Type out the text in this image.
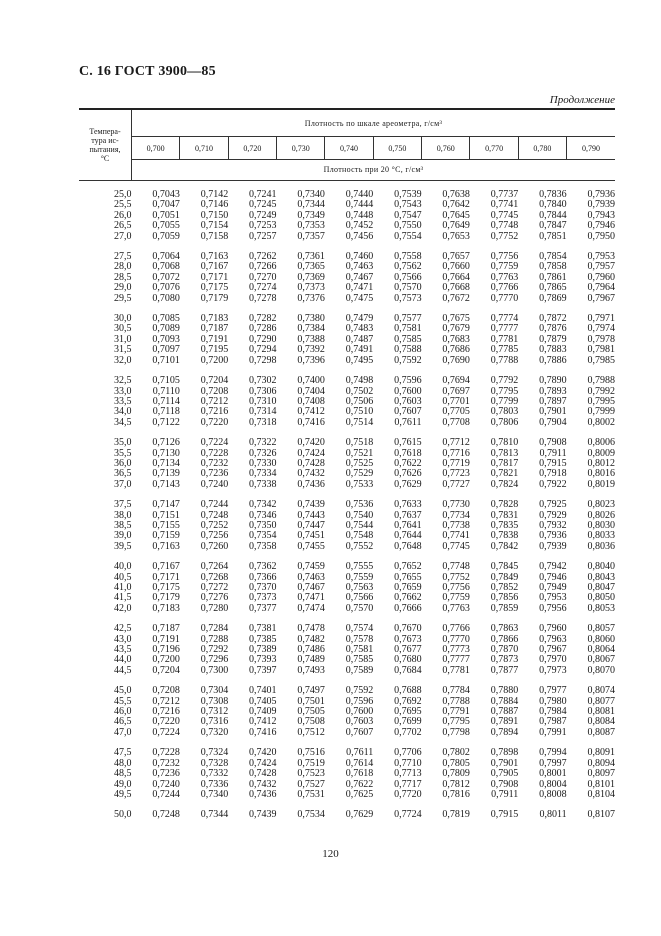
С. 16 ГОСТ 3900—85
Продолжение
Темпера-
тура ис-
пытания,
°С	Плотность по шкале ареометра, г/см³									
	0,700	0,710	0,720	0,730	0,740	0,750	0,760	0,770	0,780	0,790
	Плотность при 20 °С, г/см³									

25,0	0,7043	0,7142	0,7241	0,7340	0,7440	0,7539	0,7638	0,7737	0,7836	0,7936
25,5	0,7047	0,7146	0,7245	0,7344	0,7444	0,7543	0,7642	0,7741	0,7840	0,7939
26,0	0,7051	0,7150	0,7249	0,7349	0,7448	0,7547	0,7645	0,7745	0,7844	0,7943
26,5	0,7055	0,7154	0,7253	0,7353	0,7452	0,7550	0,7649	0,7748	0,7847	0,7946
27,0	0,7059	0,7158	0,7257	0,7357	0,7456	0,7554	0,7653	0,7752	0,7851	0,7950
27,5	0,7064	0,7163	0,7262	0,7361	0,7460	0,7558	0,7657	0,7756	0,7854	0,7953
28,0	0,7068	0,7167	0,7266	0,7365	0,7463	0,7562	0,7660	0,7759	0,7858	0,7957
28,5	0,7072	0,7171	0,7270	0,7369	0,7467	0,7566	0,7664	0,7763	0,7861	0,7960
29,0	0,7076	0,7175	0,7274	0,7373	0,7471	0,7570	0,7668	0,7766	0,7865	0,7964
29,5	0,7080	0,7179	0,7278	0,7376	0,7475	0,7573	0,7672	0,7770	0,7869	0,7967
30,0	0,7085	0,7183	0,7282	0,7380	0,7479	0,7577	0,7675	0,7774	0,7872	0,7971
30,5	0,7089	0,7187	0,7286	0,7384	0,7483	0,7581	0,7679	0,7777	0,7876	0,7974
31,0	0,7093	0,7191	0,7290	0,7388	0,7487	0,7585	0,7683	0,7781	0,7879	0,7978
31,5	0,7097	0,7195	0,7294	0,7392	0,7491	0,7588	0,7686	0,7785	0,7883	0,7981
32,0	0,7101	0,7200	0,7298	0,7396	0,7495	0,7592	0,7690	0,7788	0,7886	0,7985
32,5	0,7105	0,7204	0,7302	0,7400	0,7498	0,7596	0,7694	0,7792	0,7890	0,7988
33,0	0,7110	0,7208	0,7306	0,7404	0,7502	0,7600	0,7697	0,7795	0,7893	0,7992
33,5	0,7114	0,7212	0,7310	0,7408	0,7506	0,7603	0,7701	0,7799	0,7897	0,7995
34,0	0,7118	0,7216	0,7314	0,7412	0,7510	0,7607	0,7705	0,7803	0,7901	0,7999
34,5	0,7122	0,7220	0,7318	0,7416	0,7514	0,7611	0,7708	0,7806	0,7904	0,8002
35,0	0,7126	0,7224	0,7322	0,7420	0,7518	0,7615	0,7712	0,7810	0,7908	0,8006
35,5	0,7130	0,7228	0,7326	0,7424	0,7521	0,7618	0,7716	0,7813	0,7911	0,8009
36,0	0,7134	0,7232	0,7330	0,7428	0,7525	0,7622	0,7719	0,7817	0,7915	0,8012
36,5	0,7139	0,7236	0,7334	0,7432	0,7529	0,7626	0,7723	0,7821	0,7918	0,8016
37,0	0,7143	0,7240	0,7338	0,7436	0,7533	0,7629	0,7727	0,7824	0,7922	0,8019
37,5	0,7147	0,7244	0,7342	0,7439	0,7536	0,7633	0,7730	0,7828	0,7925	0,8023
38,0	0,7151	0,7248	0,7346	0,7443	0,7540	0,7637	0,7734	0,7831	0,7929	0,8026
38,5	0,7155	0,7252	0,7350	0,7447	0,7544	0,7641	0,7738	0,7835	0,7932	0,8030
39,0	0,7159	0,7256	0,7354	0,7451	0,7548	0,7644	0,7741	0,7838	0,7936	0,8033
39,5	0,7163	0,7260	0,7358	0,7455	0,7552	0,7648	0,7745	0,7842	0,7939	0,8036
40,0	0,7167	0,7264	0,7362	0,7459	0,7555	0,7652	0,7748	0,7845	0,7942	0,8040
40,5	0,7171	0,7268	0,7366	0,7463	0,7559	0,7655	0,7752	0,7849	0,7946	0,8043
41,0	0,7175	0,7272	0,7370	0,7467	0,7563	0,7659	0,7756	0,7852	0,7949	0,8047
41,5	0,7179	0,7276	0,7373	0,7471	0,7566	0,7662	0,7759	0,7856	0,7953	0,8050
42,0	0,7183	0,7280	0,7377	0,7474	0,7570	0,7666	0,7763	0,7859	0,7956	0,8053
42,5	0,7187	0,7284	0,7381	0,7478	0,7574	0,7670	0,7766	0,7863	0,7960	0,8057
43,0	0,7191	0,7288	0,7385	0,7482	0,7578	0,7673	0,7770	0,7866	0,7963	0,8060
43,5	0,7196	0,7292	0,7389	0,7486	0,7581	0,7677	0,7773	0,7870	0,7967	0,8064
44,0	0,7200	0,7296	0,7393	0,7489	0,7585	0,7680	0,7777	0,7873	0,7970	0,8067
44,5	0,7204	0,7300	0,7397	0,7493	0,7589	0,7684	0,7781	0,7877	0,7973	0,8070
45,0	0,7208	0,7304	0,7401	0,7497	0,7592	0,7688	0,7784	0,7880	0,7977	0,8074
45,5	0,7212	0,7308	0,7405	0,7501	0,7596	0,7692	0,7788	0,7884	0,7980	0,8077
46,0	0,7216	0,7312	0,7409	0,7505	0,7600	0,7695	0,7791	0,7887	0,7984	0,8081
46,5	0,7220	0,7316	0,7412	0,7508	0,7603	0,7699	0,7795	0,7891	0,7987	0,8084
47,0	0,7224	0,7320	0,7416	0,7512	0,7607	0,7702	0,7798	0,7894	0,7991	0,8087
47,5	0,7228	0,7324	0,7420	0,7516	0,7611	0,7706	0,7802	0,7898	0,7994	0,8091
48,0	0,7232	0,7328	0,7424	0,7519	0,7614	0,7710	0,7805	0,7901	0,7997	0,8094
48,5	0,7236	0,7332	0,7428	0,7523	0,7618	0,7713	0,7809	0,7905	0,8001	0,8097
49,0	0,7240	0,7336	0,7432	0,7527	0,7622	0,7717	0,7812	0,7908	0,8004	0,8101
49,5	0,7244	0,7340	0,7436	0,7531	0,7625	0,7720	0,7816	0,7911	0,8008	0,8104
50,0	0,7248	0,7344	0,7439	0,7534	0,7629	0,7724	0,7819	0,7915	0,8011	0,8107
120
